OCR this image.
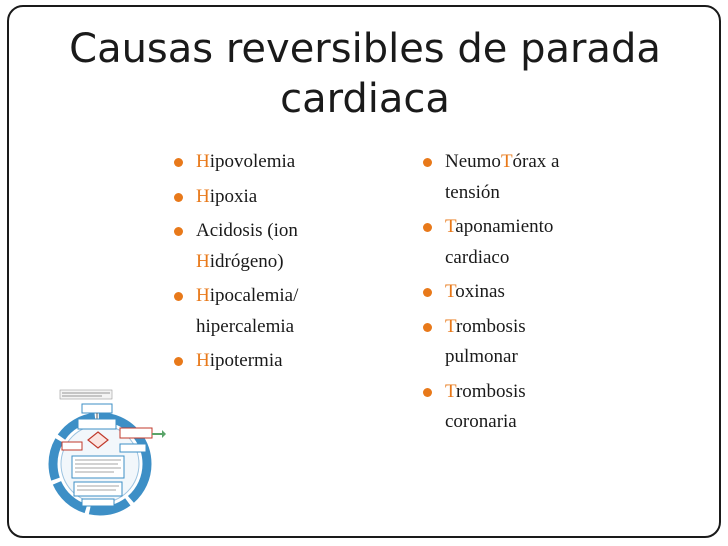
Causas reversibles de parada
cardiaca
Hipovolemia
Hipoxia
Acidosis (ion
Hidrógeno)
Hipocalemia/
hipercalemia
Hipotermia
NeumoTórax a
tensión
Taponamiento
cardiaco
Toxinas
Trombosis
pulmonar
Trombosis
coronaria
